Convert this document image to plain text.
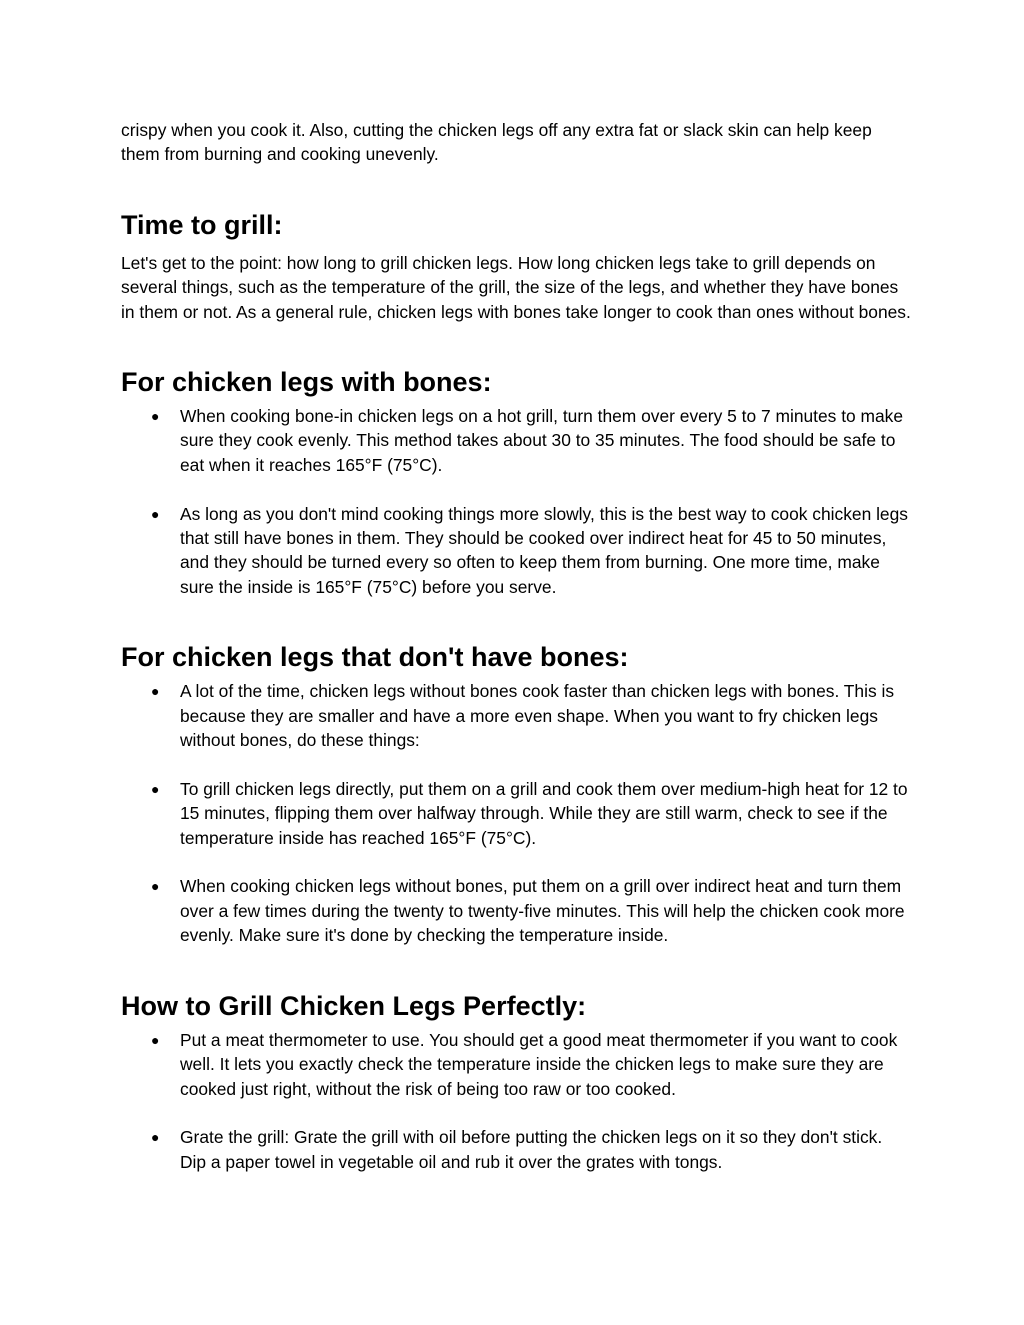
crispy when you cook it. Also, cutting the chicken legs off any extra fat or slack skin can help keep them from burning and cooking unevenly.

Time to grill:

Let's get to the point: how long to grill chicken legs. How long chicken legs take to grill depends on several things, such as the temperature of the grill, the size of the legs, and whether they have bones in them or not. As a general rule, chicken legs with bones take longer to cook than ones without bones.

For chicken legs with bones:
● When cooking bone-in chicken legs on a hot grill, turn them over every 5 to 7 minutes to make sure they cook evenly. This method takes about 30 to 35 minutes. The food should be safe to eat when it reaches 165°F (75°C).
● As long as you don't mind cooking things more slowly, this is the best way to cook chicken legs that still have bones in them. They should be cooked over indirect heat for 45 to 50 minutes, and they should be turned every so often to keep them from burning. One more time, make sure the inside is 165°F (75°C) before you serve.
For chicken legs that don't have bones:
● A lot of the time, chicken legs without bones cook faster than chicken legs with bones. This is because they are smaller and have a more even shape. When you want to fry chicken legs without bones, do these things:
● To grill chicken legs directly, put them on a grill and cook them over medium-high heat for 12 to 15 minutes, flipping them over halfway through. While they are still warm, check to see if the temperature inside has reached 165°F (75°C).
● When cooking chicken legs without bones, put them on a grill over indirect heat and turn them over a few times during the twenty to twenty-five minutes. This will help the chicken cook more evenly. Make sure it's done by checking the temperature inside.
How to Grill Chicken Legs Perfectly:
● Put a meat thermometer to use. You should get a good meat thermometer if you want to cook well. It lets you exactly check the temperature inside the chicken legs to make sure they are cooked just right, without the risk of being too raw or too cooked.
● Grate the grill: Grate the grill with oil before putting the chicken legs on it so they don't stick. Dip a paper towel in vegetable oil and rub it over the grates with tongs.
